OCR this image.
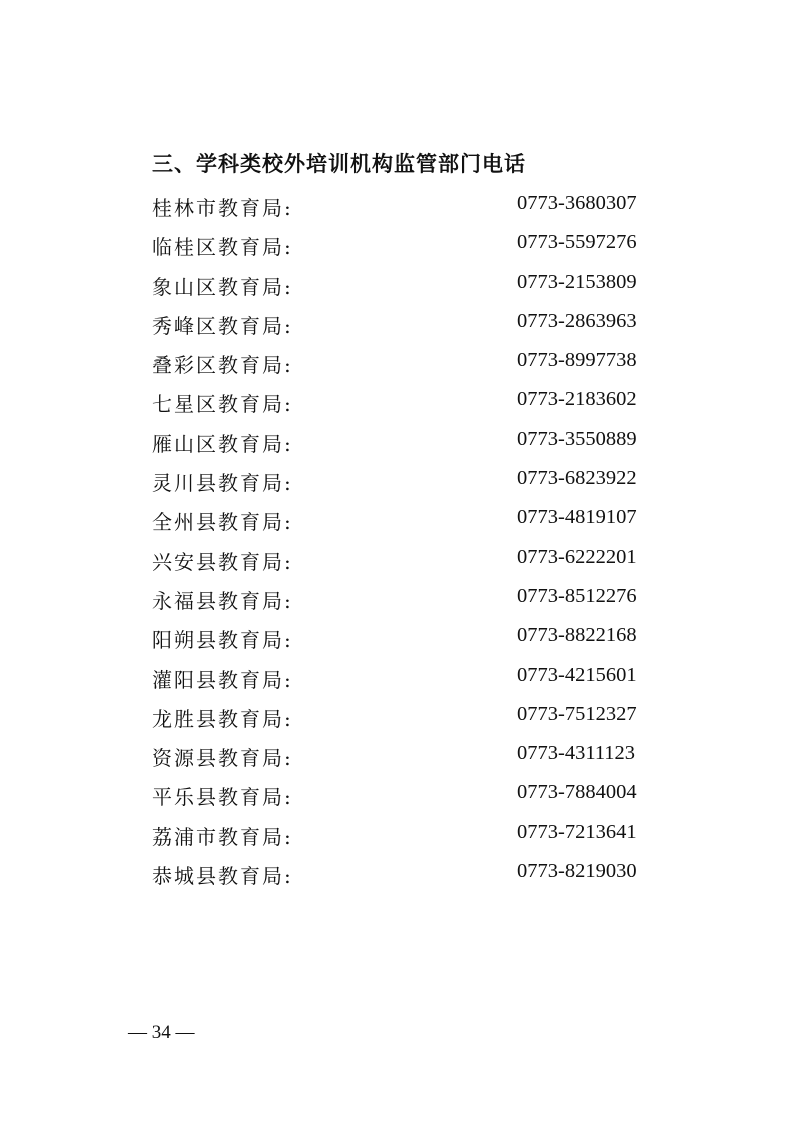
三、学科类校外培训机构监管部门电话
桂林市教育局:	0773-3680307
临桂区教育局:	0773-5597276
象山区教育局:	0773-2153809
秀峰区教育局:	0773-2863963
叠彩区教育局:	0773-8997738
七星区教育局:	0773-2183602
雁山区教育局:	0773-3550889
灵川县教育局:	0773-6823922
全州县教育局:	0773-4819107
兴安县教育局:	0773-6222201
永福县教育局:	0773-8512276
阳朔县教育局:	0773-8822168
灌阳县教育局:	0773-4215601
龙胜县教育局:	0773-7512327
资源县教育局:	0773-4311123
平乐县教育局:	0773-7884004
荔浦市教育局:	0773-7213641
恭城县教育局:	0773-8219030
— 34 —
